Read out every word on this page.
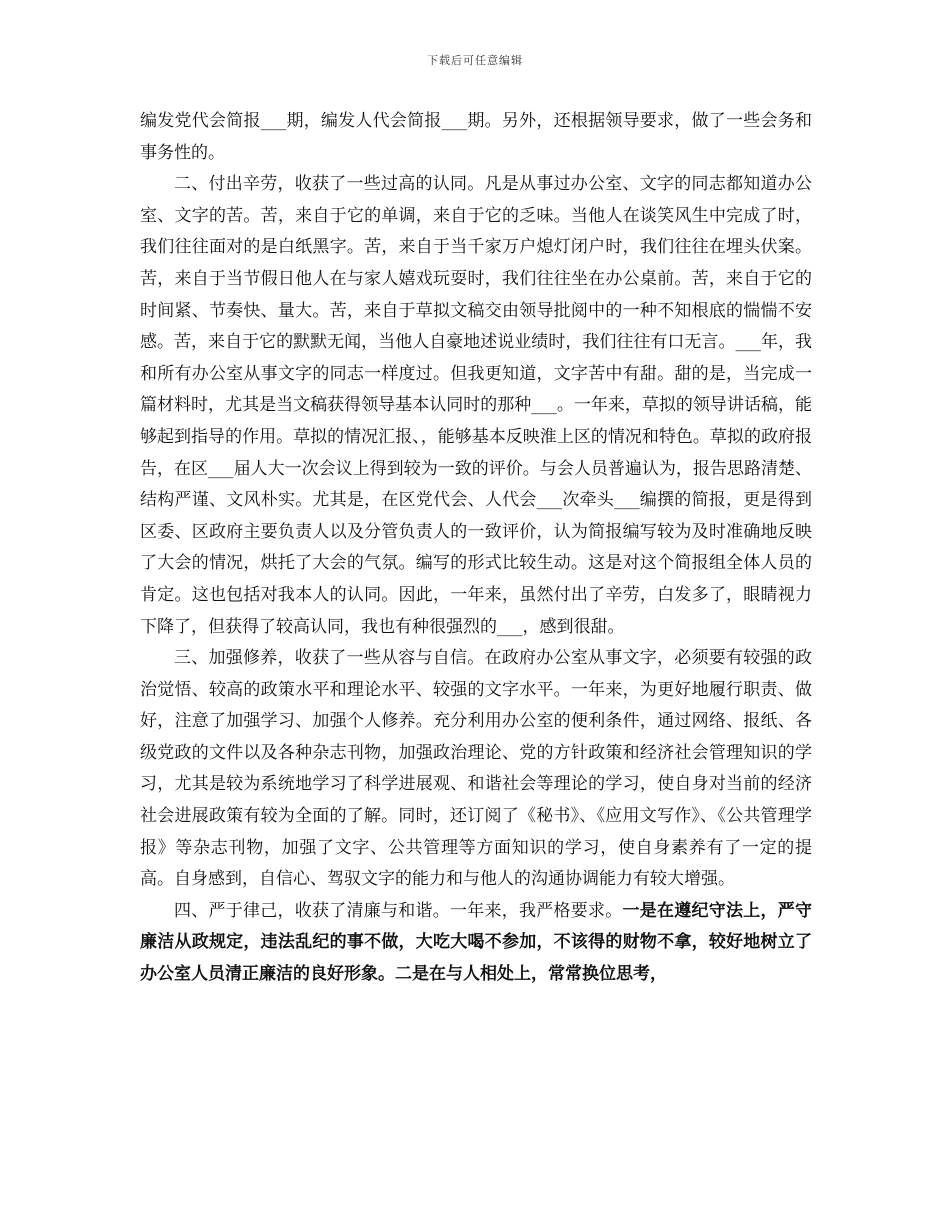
下载后可任意编辑

编发党代会简报___期，编发人代会简报___期。另外，还根据领导要求，做了一些会务和事务性的。

二、付出辛劳，收获了一些过高的认同。凡是从事过办公室、文字的同志都知道办公室、文字的苦。苦，来自于它的单调，来自于它的乏味。当他人在谈笑风生中完成了时，我们往往面对的是白纸黑字。苦，来自于当千家万户熄灯闭户时，我们往往在埋头伏案。苦，来自于当节假日他人在与家人嬉戏玩耍时，我们往往坐在办公桌前。苦，来自于它的时间紧、节奏快、量大。苦，来自于草拟文稿交由领导批阅中的一种不知根底的惴惴不安感。苦，来自于它的默默无闻，当他人自豪地述说业绩时，我们往往有口无言。___年，我和所有办公室从事文字的同志一样度过。但我更知道，文字苦中有甜。甜的是，当完成一篇材料时，尤其是当文稿获得领导基本认同时的那种___。一年来，草拟的领导讲话稿，能够起到指导的作用。草拟的情况汇报、，能够基本反映淮上区的情况和特色。草拟的政府报告，在区___届人大一次会议上得到较为一致的评价。与会人员普遍认为，报告思路清楚、结构严谨、文风朴实。尤其是，在区党代会、人代会___次牵头___编撰的简报，更是得到区委、区政府主要负责人以及分管负责人的一致评价，认为简报编写较为及时准确地反映了大会的情况，烘托了大会的气氛。编写的形式比较生动。这是对这个简报组全体人员的肯定。这也包括对我本人的认同。因此，一年来，虽然付出了辛劳，白发多了，眼睛视力下降了，但获得了较高认同，我也有种很强烈的___，感到很甜。

三、加强修养，收获了一些从容与自信。在政府办公室从事文字，必须要有较强的政治觉悟、较高的政策水平和理论水平、较强的文字水平。一年来，为更好地履行职责、做好，注意了加强学习、加强个人修养。充分利用办公室的便利条件，通过网络、报纸、各级党政的文件以及各种杂志刊物，加强政治理论、党的方针政策和经济社会管理知识的学习，尤其是较为系统地学习了科学进展观、和谐社会等理论的学习，使自身对当前的经济社会进展政策有较为全面的了解。同时，还订阅了《秘书》、《应用文写作》、《公共管理学报》等杂志刊物，加强了文字、公共管理等方面知识的学习，使自身素养有了一定的提高。自身感到，自信心、驾驭文字的能力和与他人的沟通协调能力有较大增强。

四、严于律己，收获了清廉与和谐。一年来，我严格要求。一是在遵纪守法上，严守廉洁从政规定，违法乱纪的事不做，大吃大喝不参加，不该得的财物不拿，较好地树立了办公室人员清正廉洁的良好形象。二是在与人相处上，常常换位思考，
